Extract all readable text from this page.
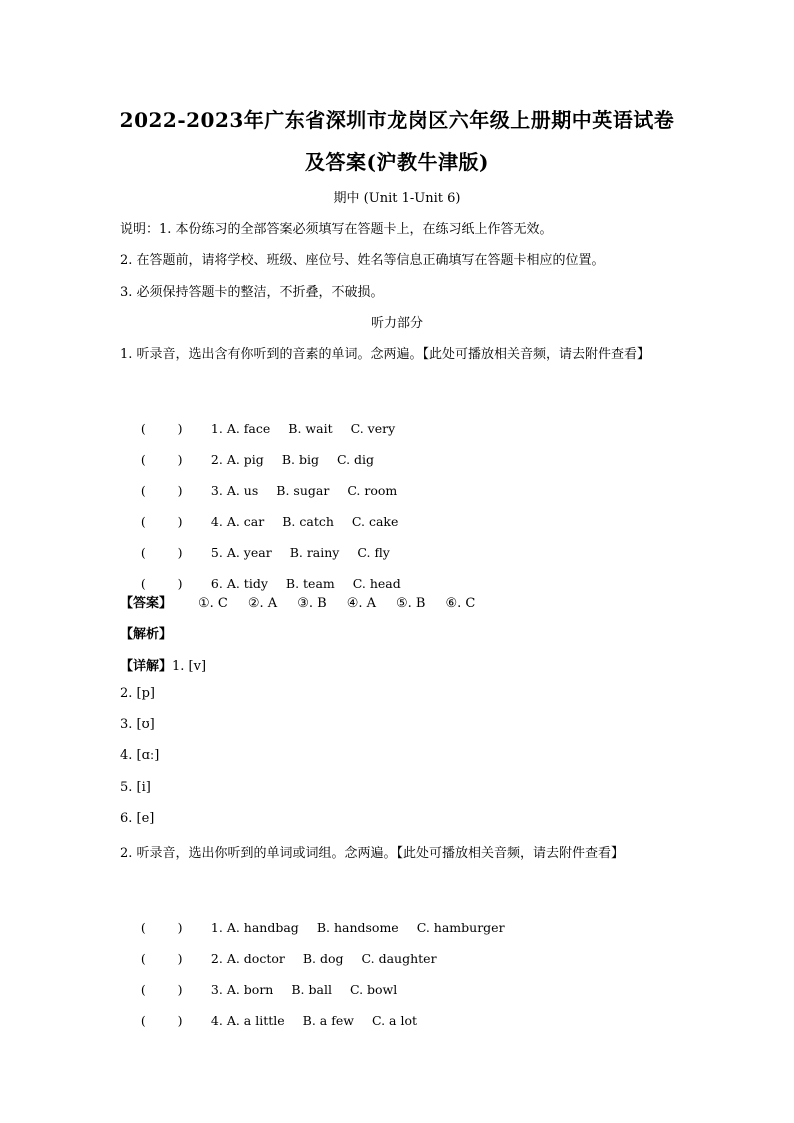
2022-2023年广东省深圳市龙岗区六年级上册期中英语试卷
及答案(沪教牛津版)
期中 (Unit 1-Unit 6)
说明：1. 本份练习的全部答案必须填写在答题卡上，在练习纸上作答无效。
2. 在答题前，请将学校、班级、座位号、姓名等信息正确填写在答题卡相应的位置。
3. 必须保持答题卡的整洁，不折叠，不破损。
听力部分
1. 听录音，选出含有你听到的音素的单词。念两遍。【此处可播放相关音频，请去附件查看】

(        ) 1. A. face B. wait C. very

(        ) 2. A. pig B. big C. dig

(        ) 3. A. us B. sugar C. room

(        ) 4. A. car B. catch C. cake

(        ) 5. A. year B. rainy C. fly

(        ) 6. A. tidy B. team C. head

【答案】 ①. C ②. A ③. B ④. A ⑤. B ⑥. C
【解析】
【详解】1. [v]
2. [p]
3. [ʊ]
4. [ɑː]
5. [i]
6. [e]
2. 听录音，选出你听到的单词或词组。念两遍。【此处可播放相关音频，请去附件查看】

(        ) 1. A. handbag B. handsome C. hamburger

(        ) 2. A. doctor B. dog C. daughter

(        ) 3. A. born B. ball C. bowl

(        ) 4. A. a little B. a few C. a lot
